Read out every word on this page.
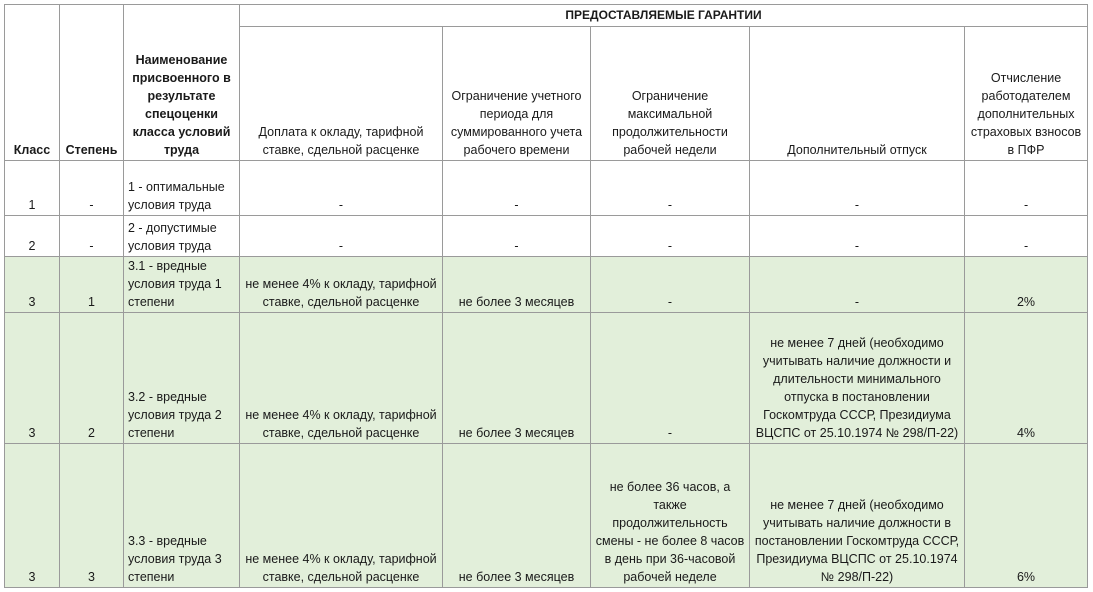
Класс	Степень	Наименование присвоенного в результате спецоценки класса условий труда	ПРЕДОСТАВЛЯЕМЫЕ ГАРАНТИИ				
			Доплата к окладу, тарифной ставке, сдельной расценке	Ограничение учетного периода для суммированного учета рабочего времени	Ограничение максимальной продолжительности рабочей недели	Дополнительный отпуск	Отчисление работодателем дополнительных страховых взносов в ПФР
1	-	1 - оптимальные условия труда	-	-	-	-	-
2	-	2 - допустимые условия труда	-	-	-	-	-
3	1	3.1 - вредные условия труда 1 степени	не менее 4% к окладу, тарифной ставке, сдельной расценке	не более 3 месяцев	-	-	2%
3	2	3.2 - вредные условия труда 2 степени	не менее 4% к окладу, тарифной ставке, сдельной расценке	не более 3 месяцев	-	не менее 7 дней (необходимо учитывать наличие должности и длительности минимального отпуска в постановлении Госкомтруда СССР, Президиума ВЦСПС от 25.10.1974 № 298/П-22)	4%
3	3	3.3 - вредные условия труда 3 степени	не менее 4% к окладу, тарифной ставке, сдельной расценке	не более 3 месяцев	не более 36 часов, а также продолжительность смены - не более 8 часов в день при 36-часовой рабочей неделе	не менее 7 дней (необходимо учитывать наличие должности в постановлении Госкомтруда СССР, Президиума ВЦСПС от 25.10.1974 № 298/П-22)	6%
